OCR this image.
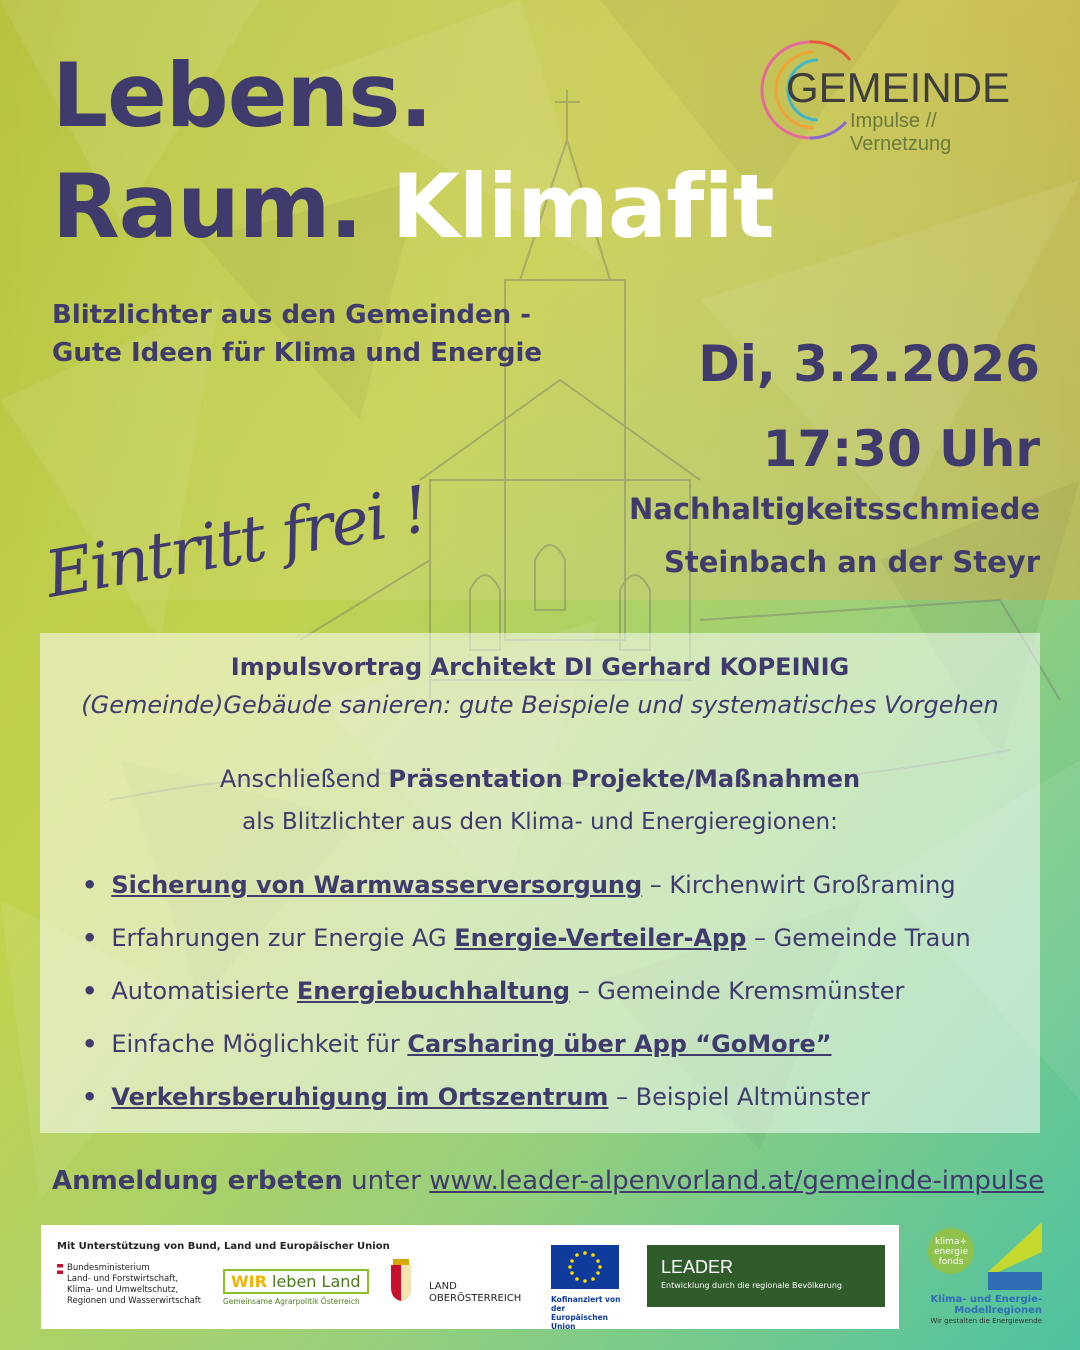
GEMEINDE
Impulse // Vernetzung
Lebens.
Raum. Klimafit
Blitzlichter aus den Gemeinden -
Gute Ideen für Klima und Energie	Di, 3.2.2026
17:30 Uhr
Nachhaltigkeitsschmiede
Steinbach an der Steyr
Eintritt frei !
Impulsvortrag Architekt DI Gerhard KOPEINIG
(Gemeinde)Gebäude sanieren: gute Beispiele und systematisches Vorgehen
Anschließend Präsentation Projekte/Maßnahmen
als Blitzlichter aus den Klima- und Energieregionen:
• Sicherung von Warmwasserversorgung – Kirchenwirt Großraming
• Erfahrungen zur Energie AG Energie-Verteiler-App – Gemeinde Traun
• Automatisierte Energiebuchhaltung – Gemeinde Kremsmünster
• Einfache Möglichkeit für Carsharing über App “GoMore”
• Verkehrsberuhigung im Ortszentrum – Beispiel Altmünster
Anmeldung erbeten unter www.leader-alpenvorland.at/gemeinde-impulse
Mit Unterstützung von Bund, Land und Europäischer Union
Bundesministerium
Land- und Forstwirtschaft,
Klima- und Umweltschutz,
Regionen und Wasserwirtschaft
WIR leben Land
Gemeinsame Agrarpolitik Österreich
LAND
OBERÖSTERREICH	Kofinanziert von der
Europäischen Union
LEADER
Entwicklung durch die regionale Bevölkerung
klima+
energie
fonds
Klima- und Energie-
Modellregionen
Wir gestalten die Energiewende
